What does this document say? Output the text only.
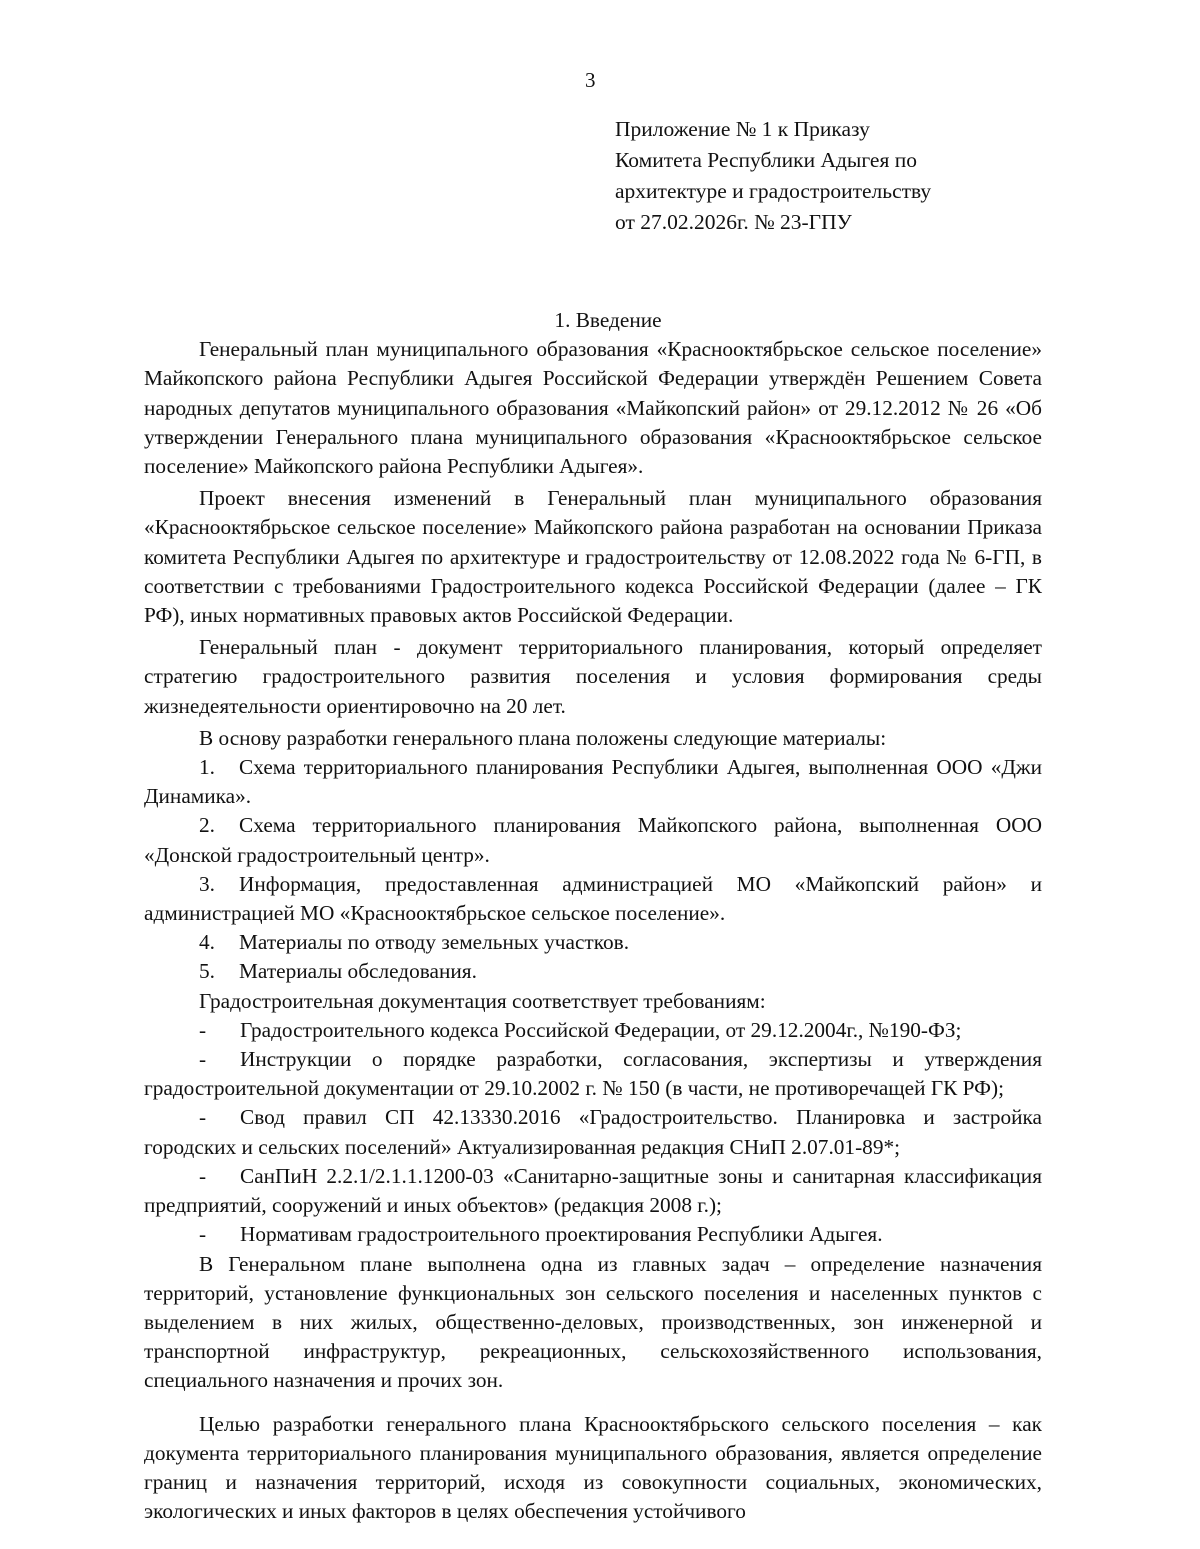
3
Приложение № 1 к Приказу
Комитета Республики Адыгея по
архитектуре и градостроительству
от 27.02.2026г. № 23-ГПУ
1. Введение

Генеральный план муниципального образования «Краснооктябрьское сельское поселение» Майкопского района Республики Адыгея Российской Федерации утверждён Решением Совета народных депутатов муниципального образования «Майкопский район» от 29.12.2012 № 26 «Об утверждении Генерального плана муниципального образования «Краснооктябрьское сельское поселение» Майкопского района Республики Адыгея».

Проект внесения изменений в Генеральный план муниципального образования «Краснооктябрьское сельское поселение» Майкопского района разработан на основании Приказа комитета Республики Адыгея по архитектуре и градостроительству от 12.08.2022 года № 6-ГП, в соответствии с требованиями Градостроительного кодекса Российской Федерации (далее – ГК РФ), иных нормативных правовых актов Российской Федерации.

Генеральный план - документ территориального планирования, который определяет стратегию градостроительного развития поселения и условия формирования среды жизнедеятельности ориентировочно на 20 лет.

В основу разработки генерального плана положены следующие материалы:

1. Схема территориального планирования Республики Адыгея, выполненная ООО «Джи Динамика».

2. Схема территориального планирования Майкопского района, выполненная ООО «Донской градостроительный центр».

3. Информация, предоставленная администрацией МО «Майкопский район» и администрацией МО «Краснооктябрьское сельское поселение».

4. Материалы по отводу земельных участков.

5. Материалы обследования.

Градостроительная документация соответствует требованиям:

- Градостроительного кодекса Российской Федерации, от 29.12.2004г., №190-ФЗ;

- Инструкции о порядке разработки, согласования, экспертизы и утверждения градостроительной документации от 29.10.2002 г. № 150 (в части, не противоречащей ГК РФ);

- Свод правил СП 42.13330.2016 «Градостроительство. Планировка и застройка городских и сельских поселений» Актуализированная редакция СНиП 2.07.01-89*;

- СанПиН 2.2.1/2.1.1.1200-03 «Санитарно-защитные зоны и санитарная классификация предприятий, сооружений и иных объектов» (редакция 2008 г.);

- Нормативам градостроительного проектирования Республики Адыгея.

В Генеральном плане выполнена одна из главных задач – определение назначения территорий, установление функциональных зон сельского поселения и населенных пунктов с выделением в них жилых, общественно-деловых, производственных, зон инженерной и транспортной инфраструктур, рекреационных, сельскохозяйственного использования, специального назначения и прочих зон.

Целью разработки генерального плана Краснооктябрьского сельского поселения – как документа территориального планирования муниципального образования, является определение границ и назначения территорий, исходя из совокупности социальных, экономических, экологических и иных факторов в целях обеспечения устойчивого
